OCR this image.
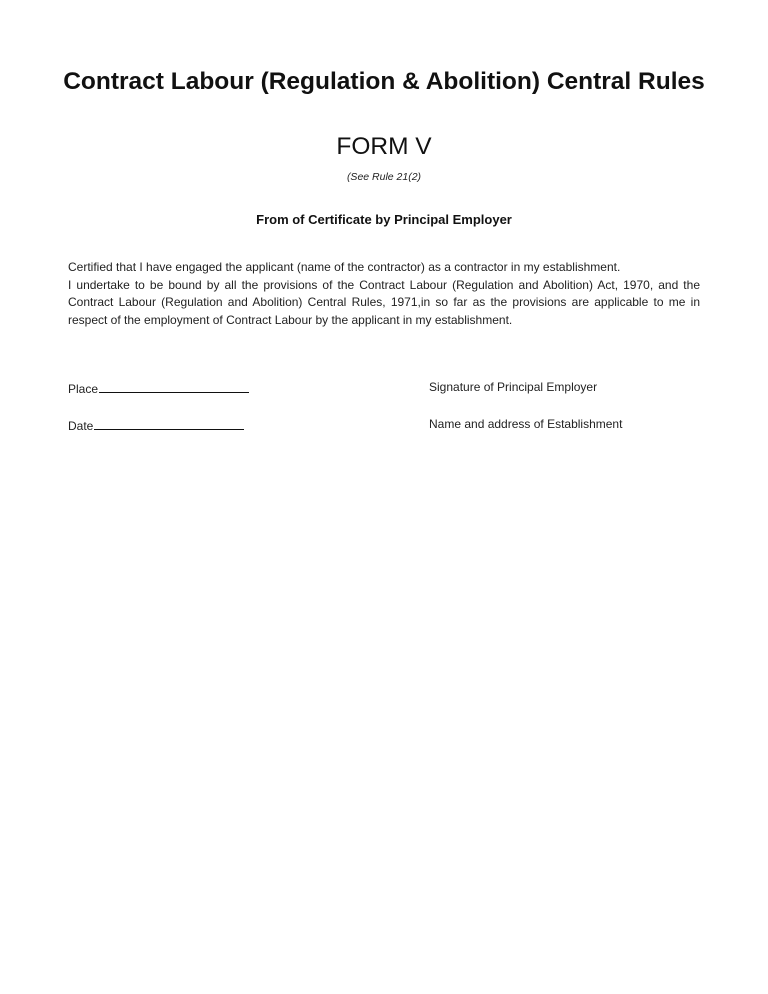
Contract Labour (Regulation & Abolition) Central Rules
FORM V
(See Rule 21(2)
From of Certificate by Principal Employer

Certified that I have engaged the applicant (name of the contractor) as a contractor in my establishment.
I undertake to be bound by all the provisions of the Contract Labour (Regulation and Abolition) Act, 1970, and the Contract Labour (Regulation and Abolition) Central Rules, 1971,in so far as the provisions are applicable to me in respect of the employment of Contract Labour by the applicant in my establishment.

Place
Date
Signature of Principal Employer
Name and address of Establishment
